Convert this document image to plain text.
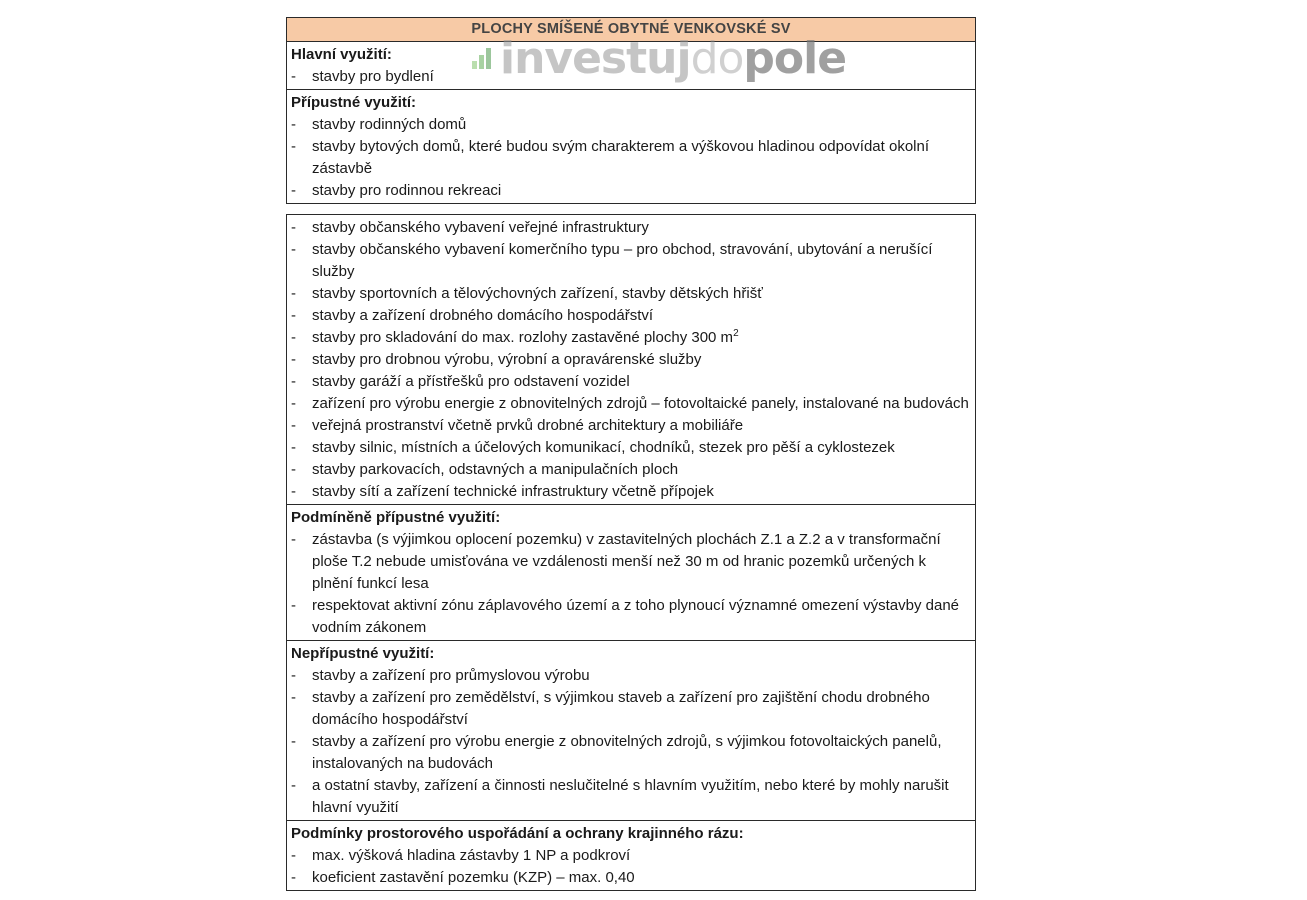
PLOCHY SMÍŠENÉ OBYTNÉ VENKOVSKÉ SV
Hlavní využití:
- stavby pro bydlení
Přípustné využití:
- stavby rodinných domů
- stavby bytových domů, které budou svým charakterem a výškovou hladinou odpovídat okolní zástavbě
- stavby pro rodinnou rekreaci
investujdopole
- stavby občanského vybavení veřejné infrastruktury
- stavby občanského vybavení komerčního typu – pro obchod, stravování, ubytování a nerušící služby
- stavby sportovních a tělovýchovných zařízení, stavby dětských hřišť
- stavby a zařízení drobného domácího hospodářství
- stavby pro skladování do max. rozlohy zastavěné plochy 300 $m^2$
- stavby pro drobnou výrobu, výrobní a opravárenské služby
- stavby garáží a přístřešků pro odstavení vozidel
- zařízení pro výrobu energie z obnovitelných zdrojů – fotovoltaické panely, instalované na budovách
- veřejná prostranství včetně prvků drobné architektury a mobiliáře
- stavby silnic, místních a účelových komunikací, chodníků, stezek pro pěší a cyklostezek
- stavby parkovacích, odstavných a manipulačních ploch
- stavby sítí a zařízení technické infrastruktury včetně přípojek
Podmíněně přípustné využití:
- zástavba (s výjimkou oplocení pozemku) v zastavitelných plochách Z.1 a Z.2 a v transformační ploše T.2 nebude umisťována ve vzdálenosti menší než 30 m od hranic pozemků určených k plnění funkcí lesa
- respektovat aktivní zónu záplavového území a z toho plynoucí významné omezení výstavby dané vodním zákonem
Nepřípustné využití:
- stavby a zařízení pro průmyslovou výrobu
- stavby a zařízení pro zemědělství, s výjimkou staveb a zařízení pro zajištění chodu drobného domácího hospodářství
- stavby a zařízení pro výrobu energie z obnovitelných zdrojů, s výjimkou fotovoltaických panelů, instalovaných na budovách
- a ostatní stavby, zařízení a činnosti neslučitelné s hlavním využitím, nebo které by mohly narušit hlavní využití
Podmínky prostorového uspořádání a ochrany krajinného rázu:
- max. výšková hladina zástavby 1 NP a podkroví
- koeficient zastavění pozemku (KZP) – max. 0,40
